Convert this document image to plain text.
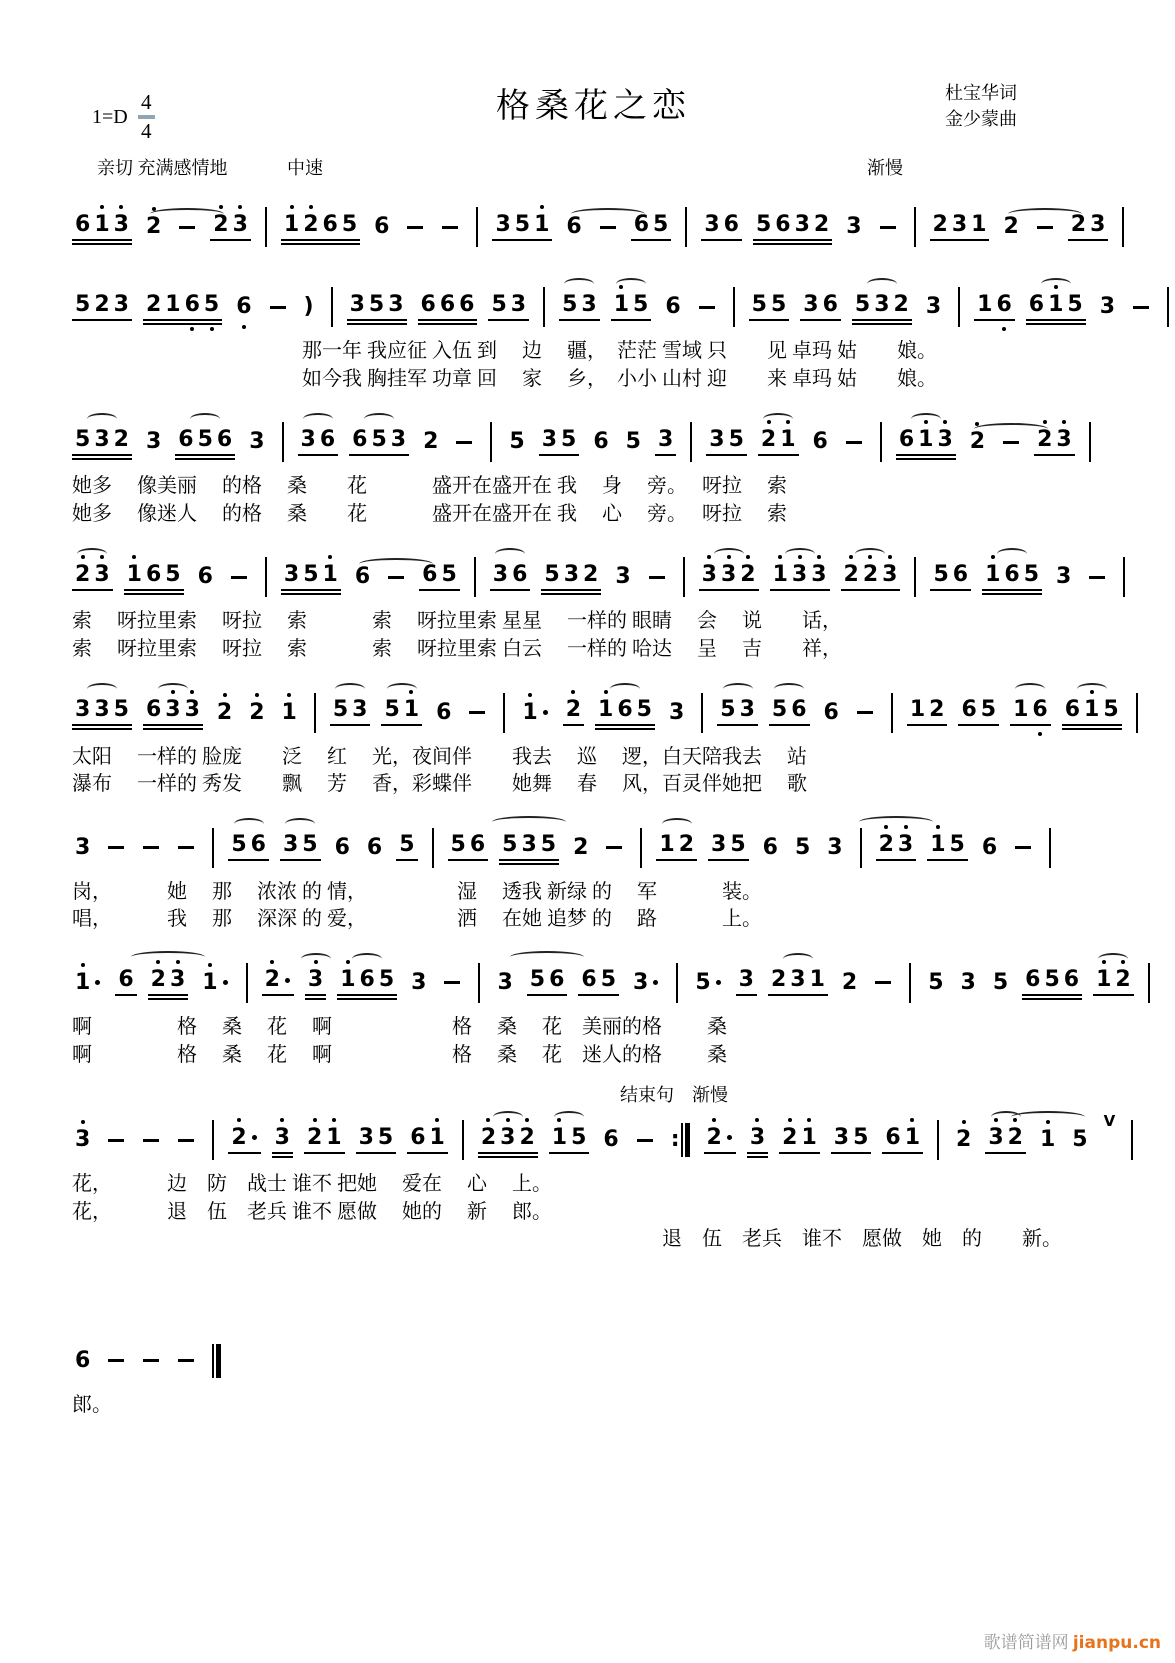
$1=D \frac{4}{4}$	格桑花之恋	杜宝华词
金少蒙曲
亲切 充满感情地	中速	渐慢
6 1 3 2 2 3 1 2 6 5 6	3 5 1 6 6 5 3 6 5 6 3 2 3	2 3 1 2 2 3
5 2 3 2 1 6 5 6 ) 3 5 3 6 6 6 5 3 5 3 1 5 6	5 5 3 6 5 3 2 3 1 6 6 1 5 3
那一年 我应征 入伍 到　 边　 疆，　茫茫 雪域 只　　见 卓玛 姑　　娘。
如今我 胸挂军 功章 回　 家　 乡，　小小 山村 迎　　来 卓玛 姑　　娘。
5 3 2 3 6 5 6 3 3 6 6 5 3 2	5 3 5 6 5 3 3 5 2 1 6	6 1 3 2 2 3
她多　 像美丽　 的格　 桑　　花　　　 盛开在盛开在 我　 身　 旁。　 呀拉　 索
她多　 像迷人　 的格　 桑　　花　　　 盛开在盛开在 我　 心　 旁。　 呀拉　 索
2 3 1 6 5 6	3 5 1 6 6 5 3 6 5 3 2 3	3 3 2 1 3 3 2 2 3 5 6 1 6 5 3
索　 呀拉里索　 呀拉　 索　　　 索　 呀拉里索 星星　 一样的 眼睛　 会　 说　　话，
索　 呀拉里索　 呀拉　 索　　　 索　 呀拉里索 白云　 一样的 哈达　 呈　 吉　　祥，
3 3 5 6 3 3 2 2 1 5 3 5 1 6	1 2 1 6 5 3 5 3 5 6 6	1 2 6 5 1 6 6 1 5
太阳　 一样的 脸庞　　泛　 红　 光，夜间伴　　我去　 巡　 逻，白天陪我去　 站
瀑布　 一样的 秀发　　飘　 芳　 香，彩蝶伴　　她舞　 春　 风，百灵伴她把　 歌
3	5 6 3 5 6 6 5 5 6 5 3 5 2	1 2 3 5 6 5 3 2 3 1 5 6
岗，　　　 她　 那　 浓浓 的 情，　　　　　湿　 透我 新绿 的　 军　　　 装。
唱，　　　 我　 那　 深深 的 爱，　　　　　洒　 在她 追梦 的　 路　　　 上。
1 6 2 3 1 2 3 1 6 5 3	3 5 6 6 5 3 5 3 2 3 1 2	5 3 5 6 5 6 1 2
啊　　　　 格　 桑　 花　 啊　　　　　　格　 桑　 花　美丽的格　　 桑
啊　　　　 格　 桑　 花　 啊　　　　　　格　 桑　 花　迷人的格　　 桑
结束句　渐慢
3	2 3 2 1 3 5 6 1 2 3 2 1 5 6 : 2 3 2 1 3 5 6 1 2 3 2 1 5
V
花，　　　 边　防　战士 谁不 把她　 爱在　 心　 上。
花，　　　 退　伍　老兵 谁不 愿做　 她的　 新　 郎。
退　伍　老兵　谁不　愿做　她　的　　新。
6
郎。
歌谱简谱网 jianpu.cn
